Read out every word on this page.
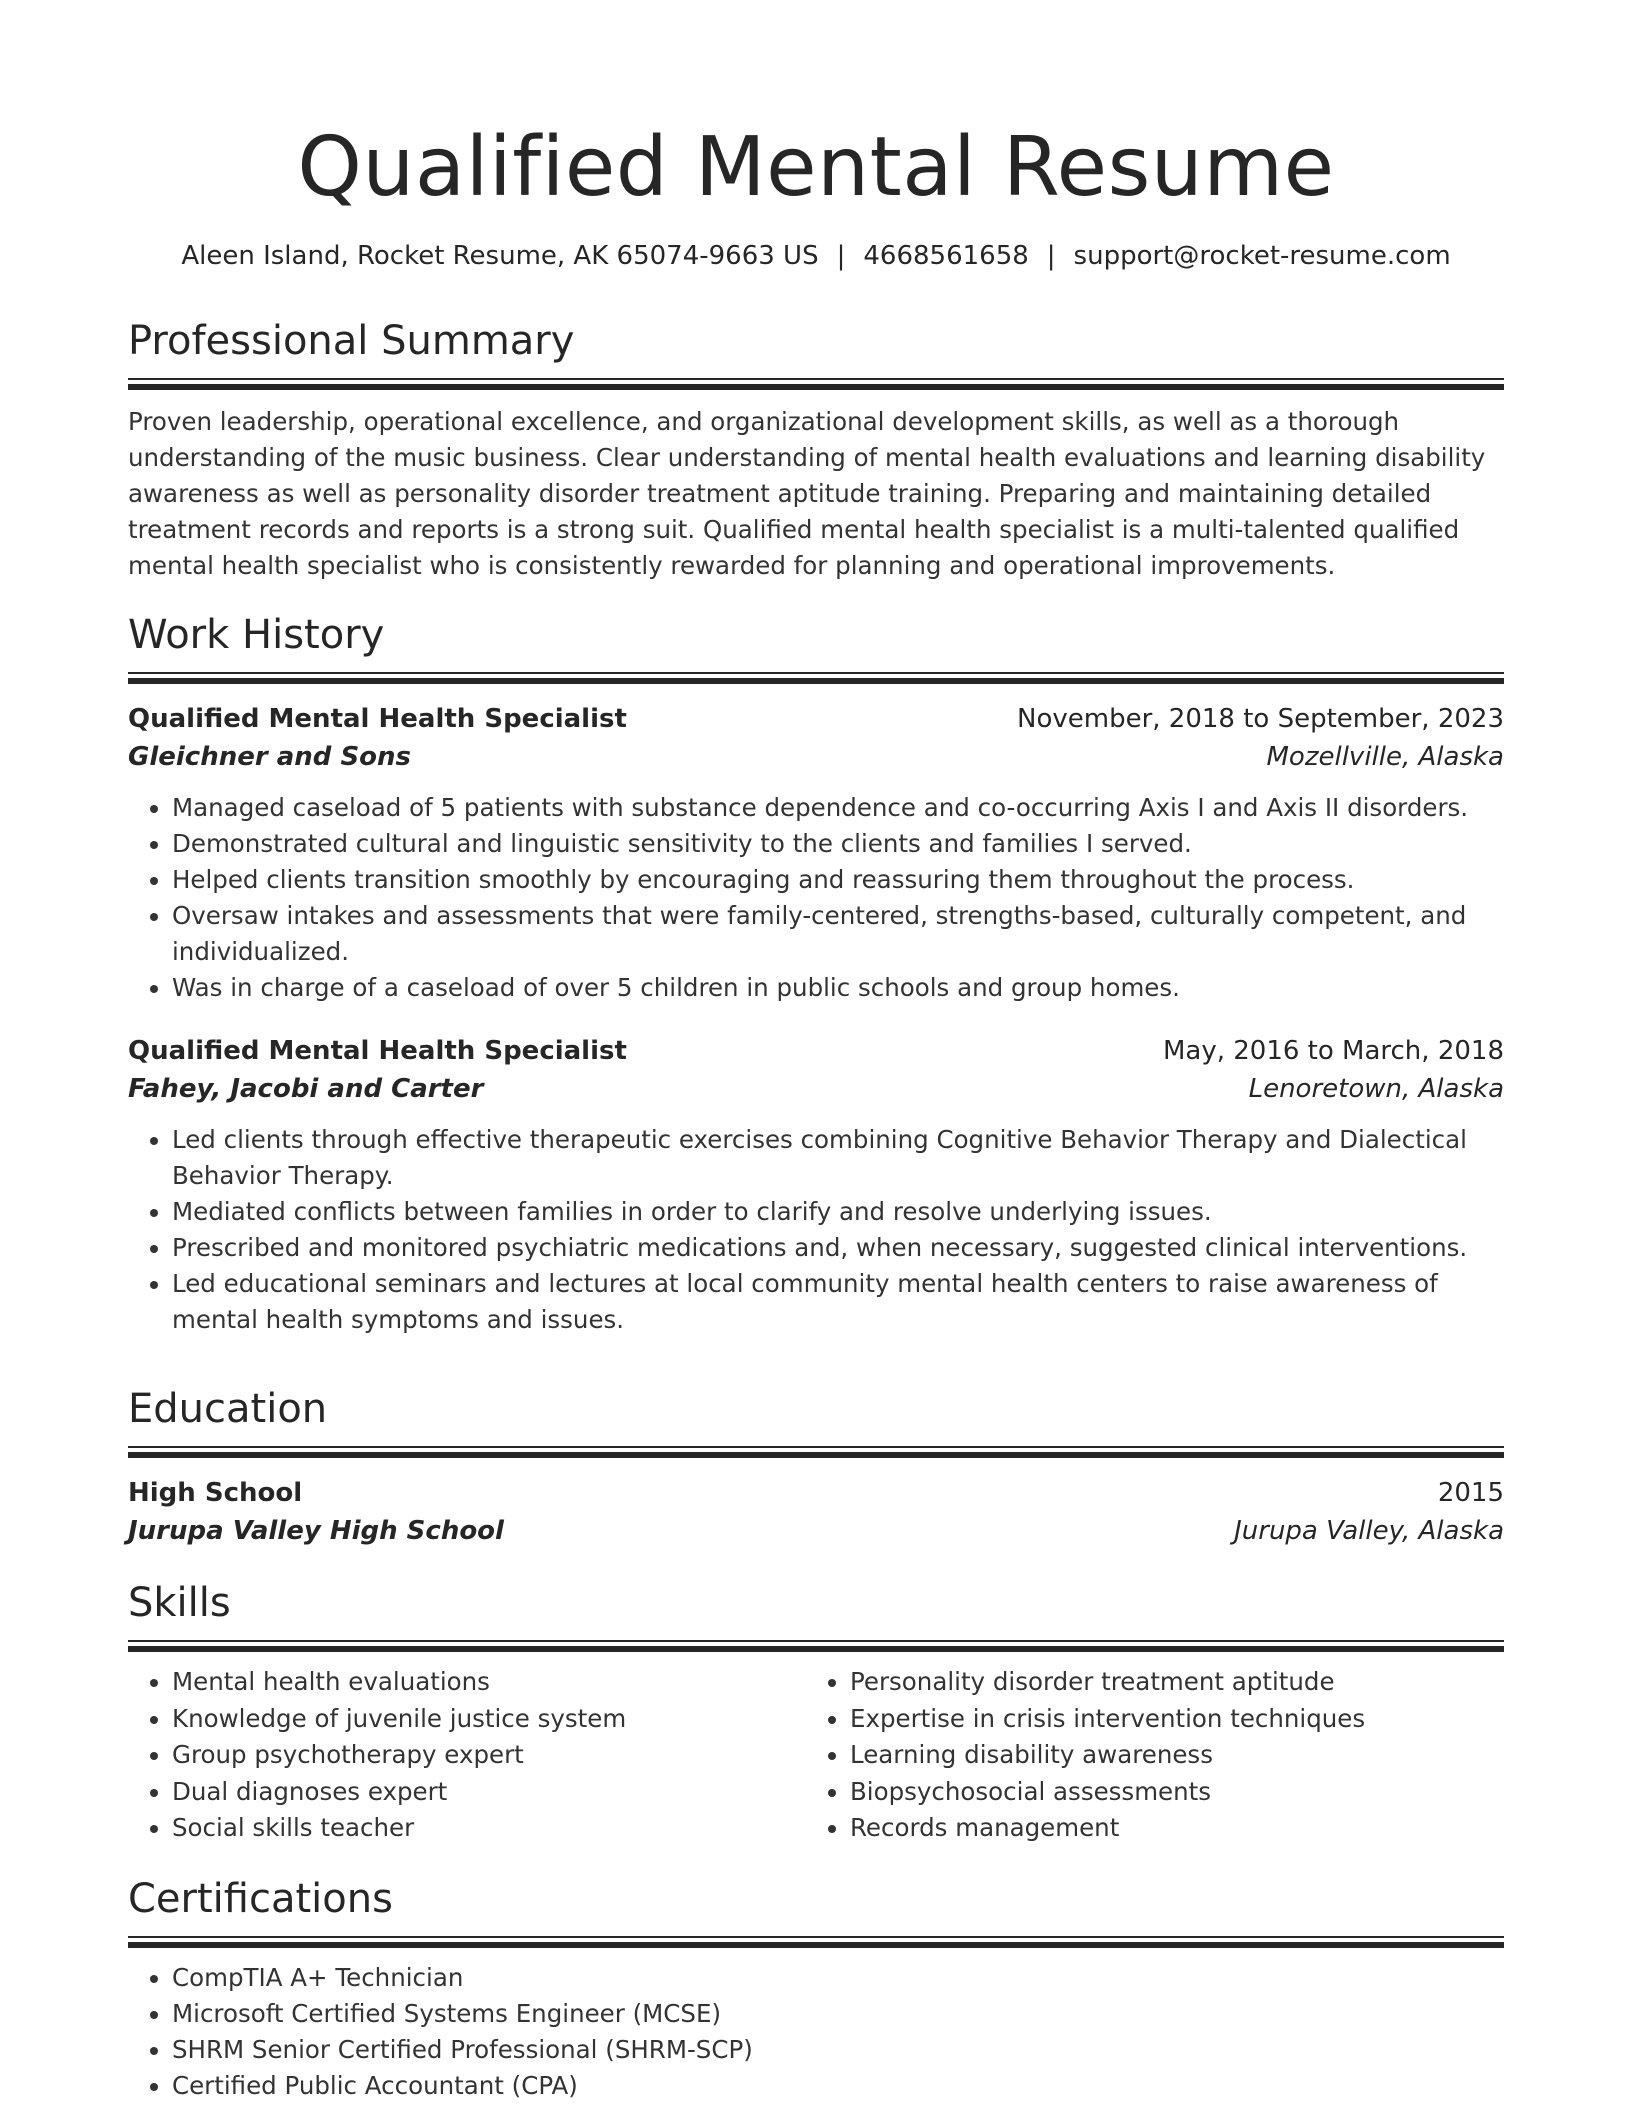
Qualified Mental Resume
Aleen Island, Rocket Resume, AK 65074-9663 US | 4668561658 | support@rocket-resume.com
Professional Summary
Proven leadership, operational excellence, and organizational development skills, as well as a thorough understanding of the music business. Clear understanding of mental health evaluations and learning disability awareness as well as personality disorder treatment aptitude training. Preparing and maintaining detailed treatment records and reports is a strong suit. Qualified mental health specialist is a multi-talented qualified mental health specialist who is consistently rewarded for planning and operational improvements.
Work History
Qualified Mental Health Specialist	November, 2018 to September, 2023
Gleichner and Sons	Mozellville, Alaska
• Managed caseload of 5 patients with substance dependence and co-occurring Axis I and Axis II disorders.
• Demonstrated cultural and linguistic sensitivity to the clients and families I served.
• Helped clients transition smoothly by encouraging and reassuring them throughout the process.
• Oversaw intakes and assessments that were family-centered, strengths-based, culturally competent, and individualized.
• Was in charge of a caseload of over 5 children in public schools and group homes.
Qualified Mental Health Specialist	May, 2016 to March, 2018
Fahey, Jacobi and Carter	Lenoretown, Alaska
• Led clients through effective therapeutic exercises combining Cognitive Behavior Therapy and Dialectical Behavior Therapy.
• Mediated conflicts between families in order to clarify and resolve underlying issues.
• Prescribed and monitored psychiatric medications and, when necessary, suggested clinical interventions.
• Led educational seminars and lectures at local community mental health centers to raise awareness of mental health symptoms and issues.
Education
High School	2015
Jurupa Valley High School	Jurupa Valley, Alaska
Skills
• Mental health evaluations
• Knowledge of juvenile justice system
• Group psychotherapy expert
• Dual diagnoses expert
• Social skills teacher
• Personality disorder treatment aptitude
• Expertise in crisis intervention techniques
• Learning disability awareness
• Biopsychosocial assessments
• Records management
Certifications
• CompTIA A+ Technician
• Microsoft Certified Systems Engineer (MCSE)
• SHRM Senior Certified Professional (SHRM-SCP)
• Certified Public Accountant (CPA)
